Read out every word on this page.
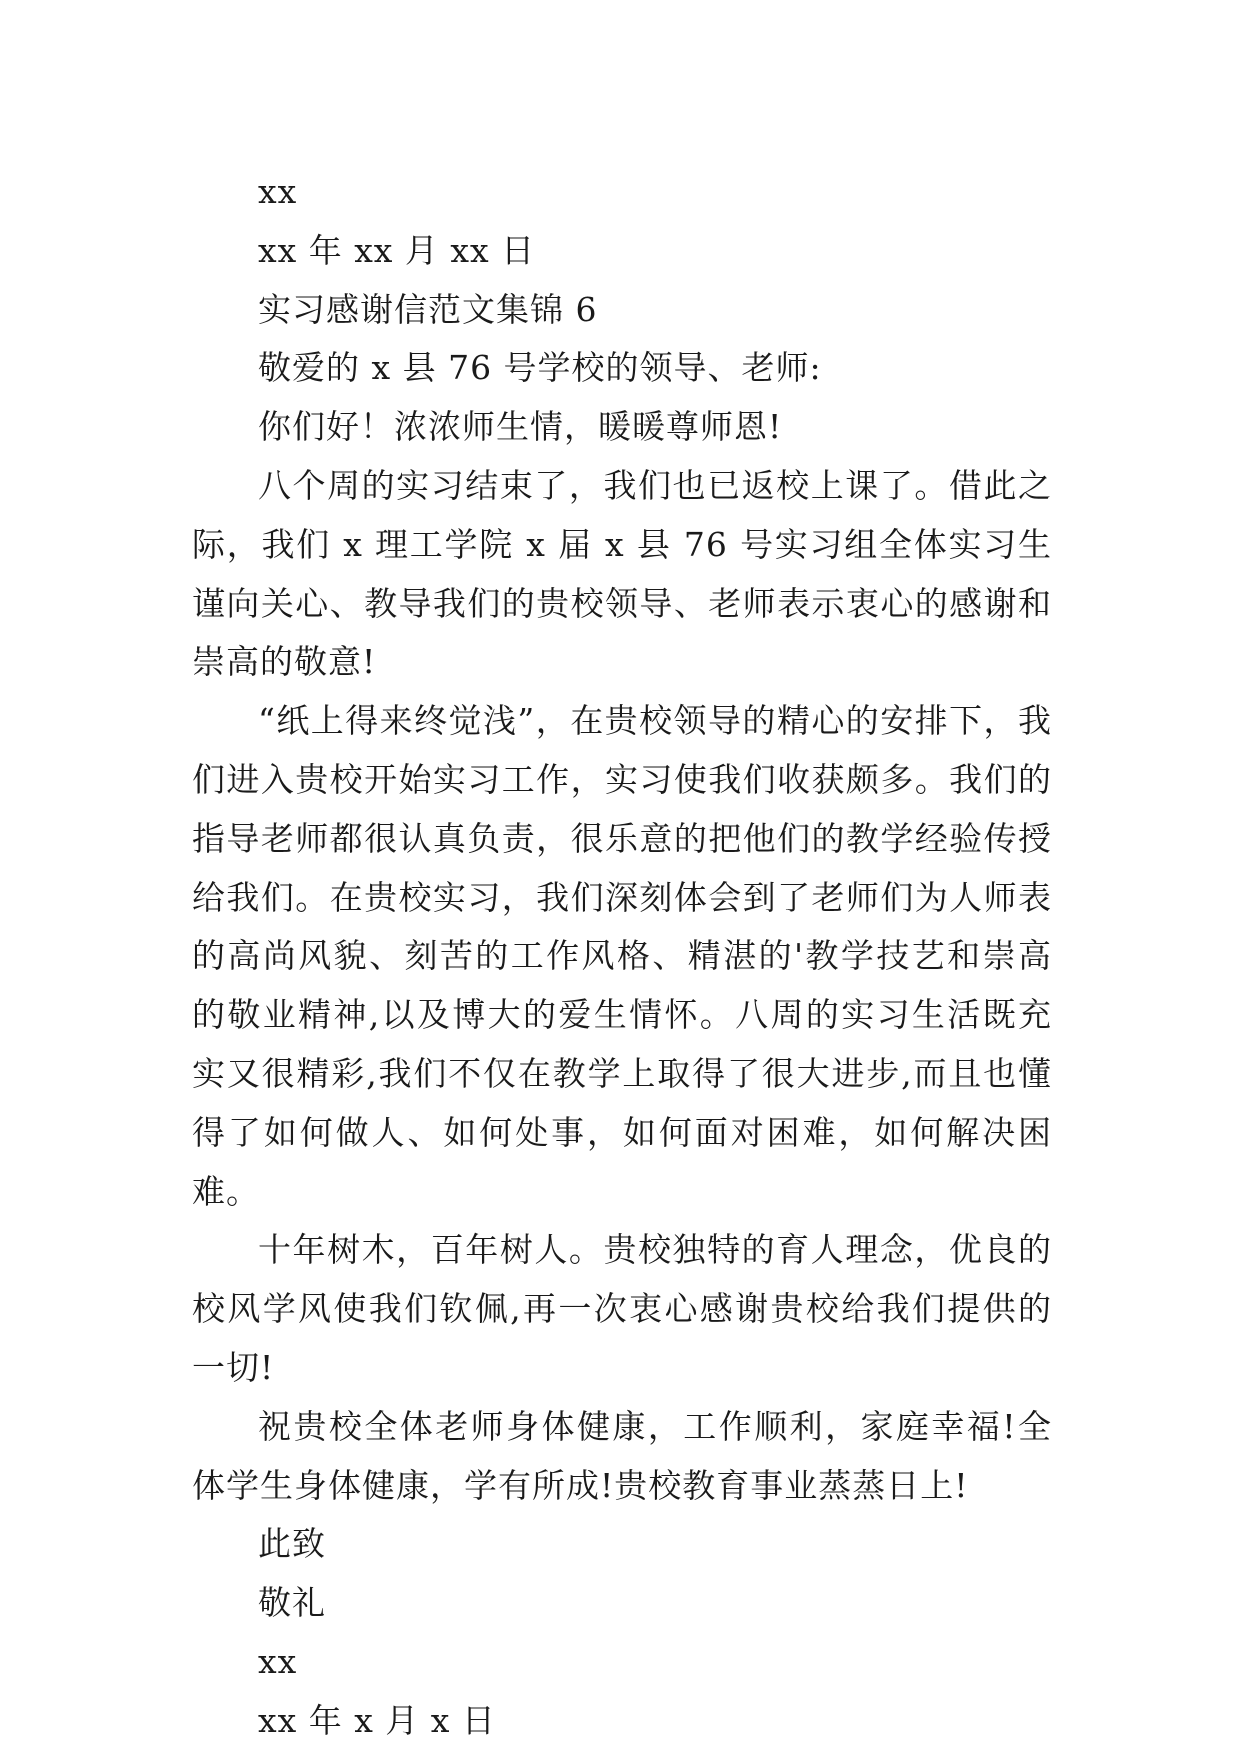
xx

xx 年 xx 月 xx 日

实习感谢信范文集锦 6

敬爱的 x 县 76 号学校的领导、老师:

你们好！浓浓师生情，暖暖尊师恩!

八个周的实习结束了，我们也已返校上课了。借此之际，我们 x 理工学院 x 届 x 县 76 号实习组全体实习生谨向关心、教导我们的贵校领导、老师表示衷心的感谢和崇高的敬意!

“纸上得来终觉浅”，在贵校领导的精心的安排下，我们进入贵校开始实习工作，实习使我们收获颇多。我们的指导老师都很认真负责，很乐意的把他们的教学经验传授给我们。在贵校实习，我们深刻体会到了老师们为人师表的高尚风貌、刻苦的工作风格、精湛的'教学技艺和崇高的敬业精神,以及博大的爱生情怀。八周的实习生活既充实又很精彩,我们不仅在教学上取得了很大进步,而且也懂得了如何做人、如何处事，如何面对困难，如何解决困难。

十年树木，百年树人。贵校独特的育人理念，优良的校风学风使我们钦佩,再一次衷心感谢贵校给我们提供的一切!

祝贵校全体老师身体健康，工作顺利，家庭幸福!全体学生身体健康，学有所成!贵校教育事业蒸蒸日上!

此致

敬礼

xx

xx 年 x 月 x 日
